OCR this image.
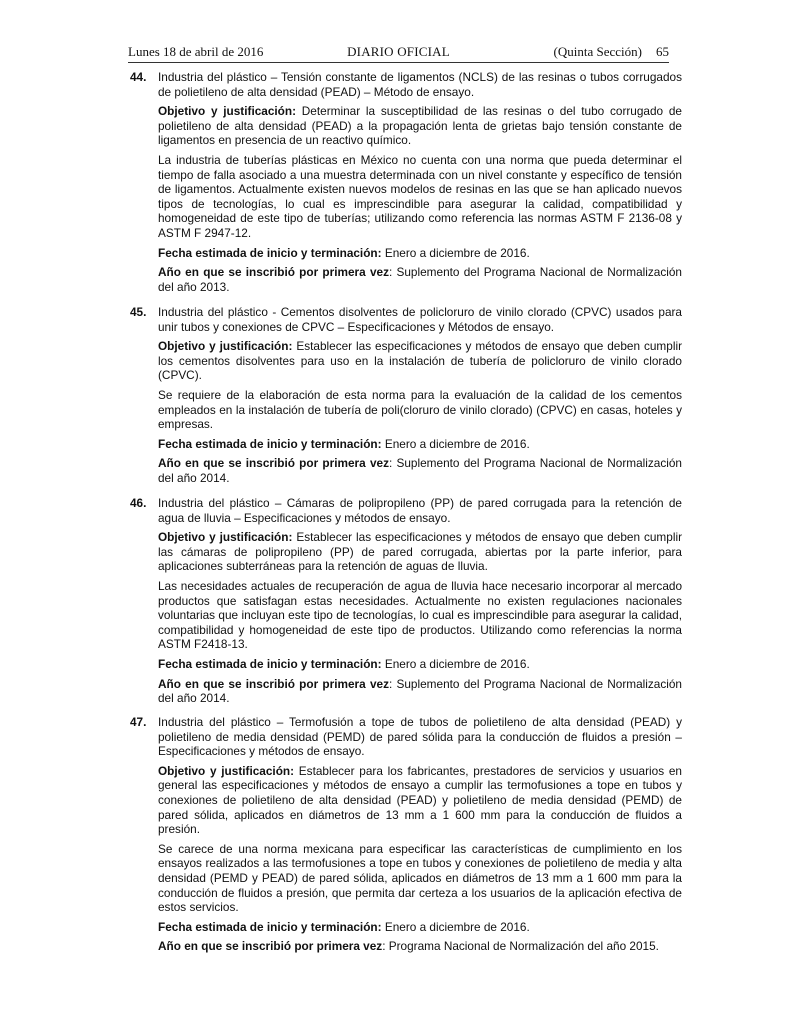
Lunes 18 de abril de 2016	DIARIO OFICIAL	(Quinta Sección) 65
44. Industria del plástico – Tensión constante de ligamentos (NCLS) de las resinas o tubos corrugados de polietileno de alta densidad (PEAD) – Método de ensayo.

Objetivo y justificación: Determinar la susceptibilidad de las resinas o del tubo corrugado de polietileno de alta densidad (PEAD) a la propagación lenta de grietas bajo tensión constante de ligamentos en presencia de un reactivo químico.

La industria de tuberías plásticas en México no cuenta con una norma que pueda determinar el tiempo de falla asociado a una muestra determinada con un nivel constante y específico de tensión de ligamentos. Actualmente existen nuevos modelos de resinas en las que se han aplicado nuevos tipos de tecnologías, lo cual es imprescindible para asegurar la calidad, compatibilidad y homogeneidad de este tipo de tuberías; utilizando como referencia las normas ASTM F 2136-08 y ASTM F 2947-12.

Fecha estimada de inicio y terminación: Enero a diciembre de 2016.

Año en que se inscribió por primera vez: Suplemento del Programa Nacional de Normalización del año 2013.

45. Industria del plástico - Cementos disolventes de policloruro de vinilo clorado (CPVC) usados para unir tubos y conexiones de CPVC – Especificaciones y Métodos de ensayo.

Objetivo y justificación: Establecer las especificaciones y métodos de ensayo que deben cumplir los cementos disolventes para uso en la instalación de tubería de policloruro de vinilo clorado (CPVC).

Se requiere de la elaboración de esta norma para la evaluación de la calidad de los cementos empleados en la instalación de tubería de poli(cloruro de vinilo clorado) (CPVC) en casas, hoteles y empresas.

Fecha estimada de inicio y terminación: Enero a diciembre de 2016.

Año en que se inscribió por primera vez: Suplemento del Programa Nacional de Normalización del año 2014.

46. Industria del plástico – Cámaras de polipropileno (PP) de pared corrugada para la retención de agua de lluvia – Especificaciones y métodos de ensayo.

Objetivo y justificación: Establecer las especificaciones y métodos de ensayo que deben cumplir las cámaras de polipropileno (PP) de pared corrugada, abiertas por la parte inferior, para aplicaciones subterráneas para la retención de aguas de lluvia.

Las necesidades actuales de recuperación de agua de lluvia hace necesario incorporar al mercado productos que satisfagan estas necesidades. Actualmente no existen regulaciones nacionales voluntarias que incluyan este tipo de tecnologías, lo cual es imprescindible para asegurar la calidad, compatibilidad y homogeneidad de este tipo de productos. Utilizando como referencias la norma ASTM F2418-13.

Fecha estimada de inicio y terminación: Enero a diciembre de 2016.

Año en que se inscribió por primera vez: Suplemento del Programa Nacional de Normalización del año 2014.

47. Industria del plástico – Termofusión a tope de tubos de polietileno de alta densidad (PEAD) y polietileno de media densidad (PEMD) de pared sólida para la conducción de fluidos a presión – Especificaciones y métodos de ensayo.

Objetivo y justificación: Establecer para los fabricantes, prestadores de servicios y usuarios en general las especificaciones y métodos de ensayo a cumplir las termofusiones a tope en tubos y conexiones de polietileno de alta densidad (PEAD) y polietileno de media densidad (PEMD) de pared sólida, aplicados en diámetros de 13 mm a 1 600 mm para la conducción de fluidos a presión.

Se carece de una norma mexicana para especificar las características de cumplimiento en los ensayos realizados a las termofusiones a tope en tubos y conexiones de polietileno de media y alta densidad (PEMD y PEAD) de pared sólida, aplicados en diámetros de 13 mm a 1 600 mm para la conducción de fluidos a presión, que permita dar certeza a los usuarios de la aplicación efectiva de estos servicios.

Fecha estimada de inicio y terminación: Enero a diciembre de 2016.

Año en que se inscribió por primera vez: Programa Nacional de Normalización del año 2015.
